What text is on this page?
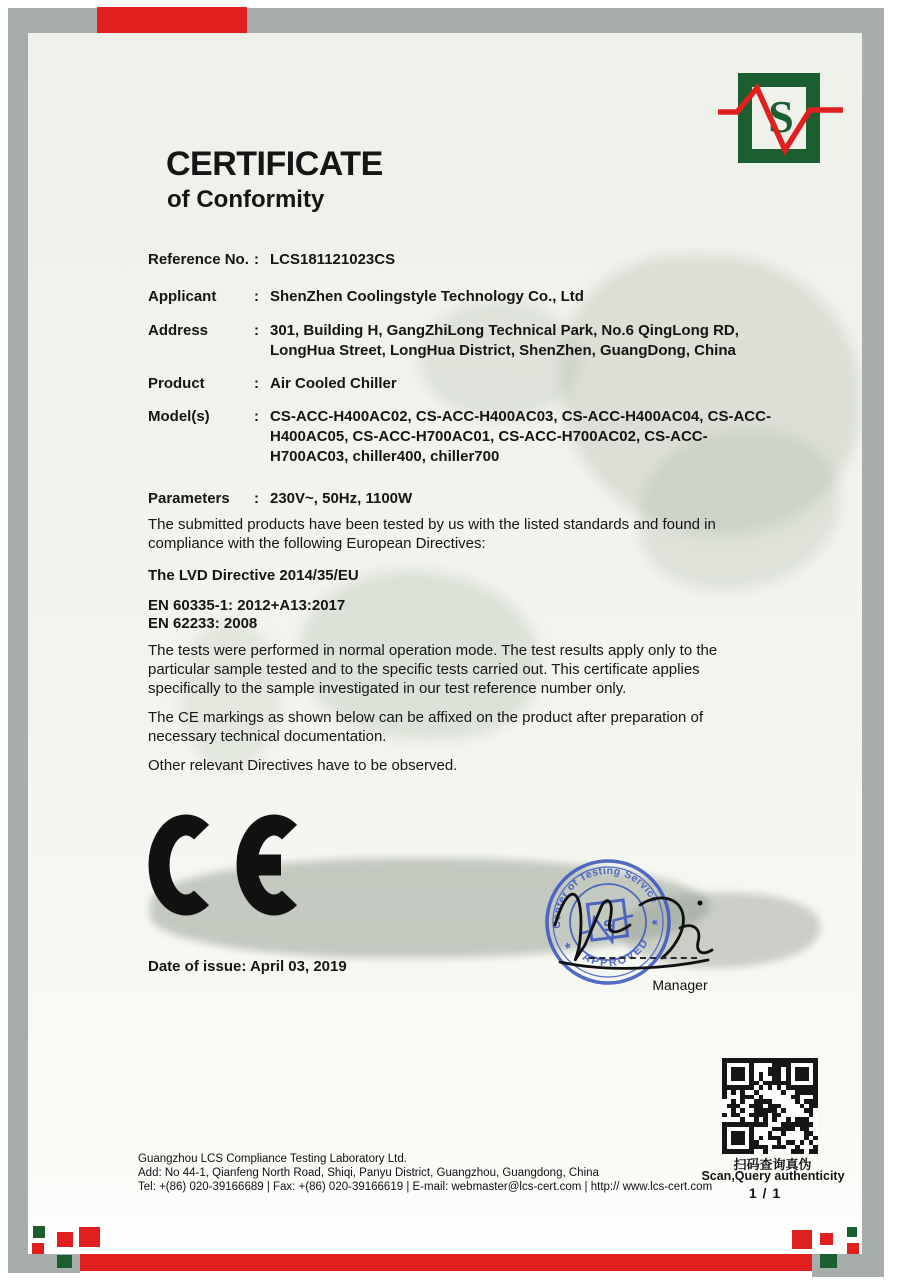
S
CERTIFICATE
of Conformity
Reference No. : LCS181121023CS
Applicant	: ShenZhen Coolingstyle Technology Co., Ltd
Address	: 301, Building H, GangZhiLong Technical Park, No.6 QingLong RD, LongHua Street, LongHua District, ShenZhen, GuangDong, China
Product	: Air Cooled Chiller
Model(s)	: CS-ACC-H400AC02, CS-ACC-H400AC03, CS-ACC-H400AC04, CS-ACC-H400AC05, CS-ACC-H700AC01, CS-ACC-H700AC02, CS-ACC-H700AC03, chiller400, chiller700
Parameters	: 230V~, 50Hz, 1100W
The submitted products have been tested by us with the listed standards and found in compliance with the following European Directives:
The LVD Directive 2014/35/EU
EN 60335-1: 2012+A13:2017
EN 62233: 2008
The tests were performed in normal operation mode. The test results apply only to the particular sample tested and to the specific tests carried out. This certificate applies specifically to the sample investigated in our test reference number only.
The CE markings as shown below can be affixed on the product after preparation of necessary technical documentation.
Other relevant Directives have to be observed.
Date of issue: April 03, 2019
Center of Testing Service
APPROVED
*
*
S
Manager
扫码查询真伪
Scan,Query authenticity
1 / 1
Guangzhou LCS Compliance Testing Laboratory Ltd.
Add: No 44-1, Qianfeng North Road, Shiqi, Panyu District, Guangzhou, Guangdong, China
Tel: +(86) 020-39166689 | Fax: +(86) 020-39166619 | E-mail: webmaster@lcs-cert.com | http:// www.lcs-cert.com
